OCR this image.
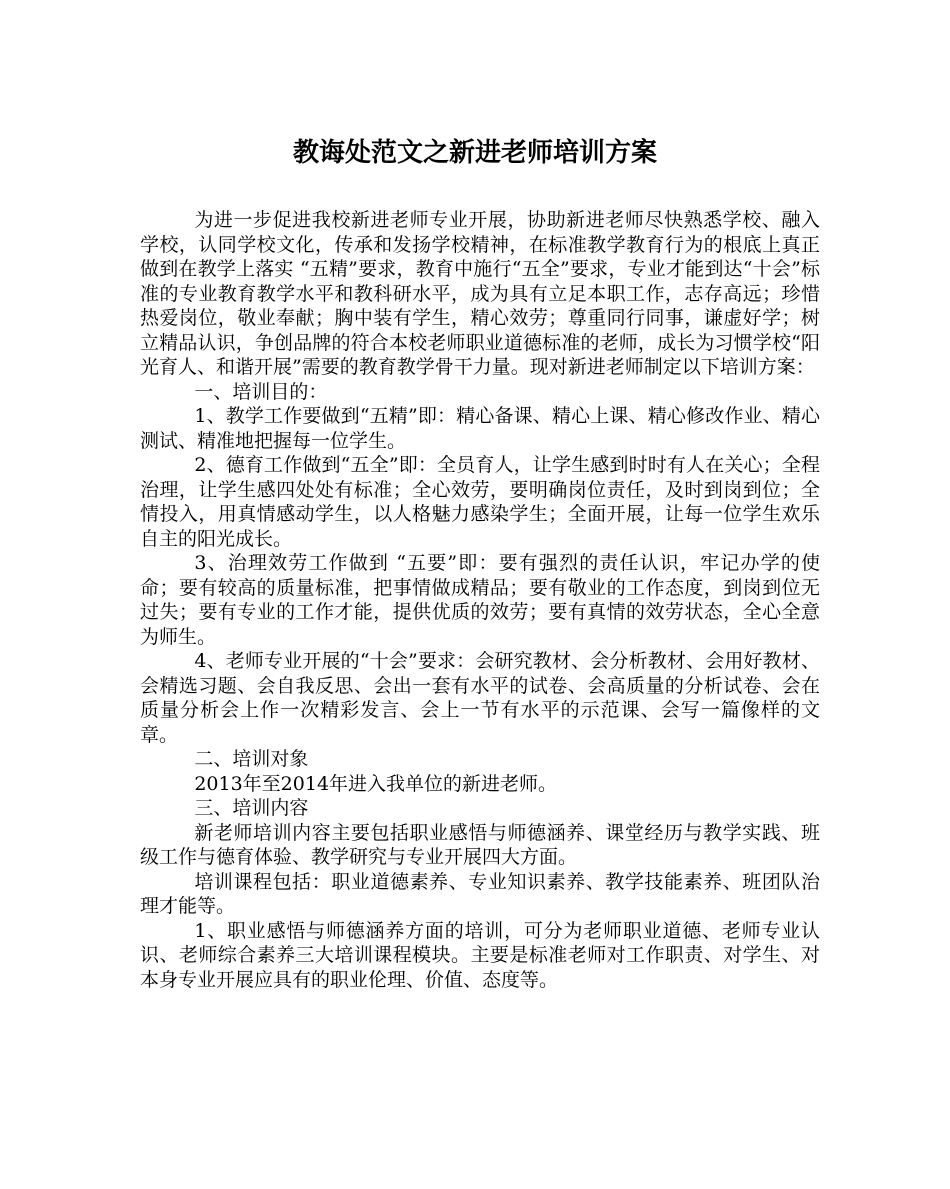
教诲处范文之新进老师培训方案

为进一步促进我校新进老师专业开展，协助新进老师尽快熟悉学校、融入学校，认同学校文化，传承和发扬学校精神，在标准教学教育行为的根底上真正做到在教学上落实 “五精”要求，教育中施行“五全”要求，专业才能到达“十会”标准的专业教育教学水平和教科研水平，成为具有立足本职工作，志存高远；珍惜热爱岗位，敬业奉献；胸中装有学生，精心效劳；尊重同行同事，谦虚好学；树立精品认识，争创品牌的符合本校老师职业道德标准的老师，成长为习惯学校“阳光育人、和谐开展”需要的教育教学骨干力量。现对新进老师制定以下培训方案：

一、培训目的：

1、教学工作要做到“五精”即：精心备课、精心上课、精心修改作业、精心测试、精准地把握每一位学生。

2、德育工作做到“五全”即：全员育人，让学生感到时时有人在关心；全程治理，让学生感四处处有标准；全心效劳，要明确岗位责任，及时到岗到位；全情投入，用真情感动学生，以人格魅力感染学生；全面开展，让每一位学生欢乐自主的阳光成长。

3、治理效劳工作做到 “五要”即：要有强烈的责任认识，牢记办学的使命；要有较高的质量标准，把事情做成精品；要有敬业的工作态度，到岗到位无过失；要有专业的工作才能，提供优质的效劳；要有真情的效劳状态，全心全意为师生。

4、老师专业开展的“十会”要求：会研究教材、会分析教材、会用好教材、会精选习题、会自我反思、会出一套有水平的试卷、会高质量的分析试卷、会在质量分析会上作一次精彩发言、会上一节有水平的示范课、会写一篇像样的文章。

二、培训对象

2013年至2014年进入我单位的新进老师。

三、培训内容

新老师培训内容主要包括职业感悟与师德涵养、课堂经历与教学实践、班级工作与德育体验、教学研究与专业开展四大方面。

培训课程包括：职业道德素养、专业知识素养、教学技能素养、班团队治理才能等。

1、职业感悟与师德涵养方面的培训，可分为老师职业道德、老师专业认识、老师综合素养三大培训课程模块。主要是标准老师对工作职责、对学生、对本身专业开展应具有的职业伦理、价值、态度等。
